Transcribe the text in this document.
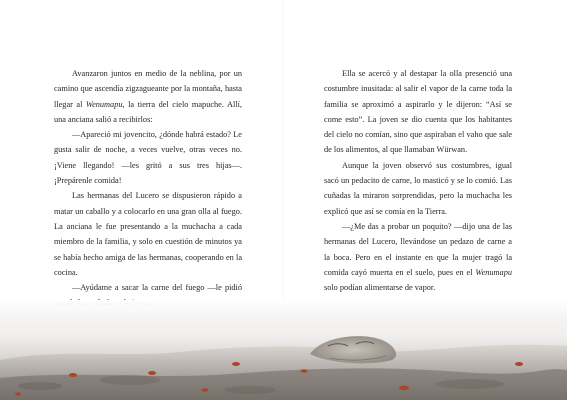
Avanzaron juntos en medio de la neblina, por un camino que ascendía zigzagueante por la montaña, hasta llegar al Wenumapu, la tierra del cielo mapuche. Allí, una anciana salió a recibirlos:

—Apareció mi jovencito, ¿dónde habrá estado? Le gusta salir de noche, a veces vuelve, otras veces no. ¡Viene llegando! —les gritó a sus tres hijas—. ¡Prepárenle comida!

Las hermanas del Lucero se dispusieron rápido a matar un caballo y a colocarlo en una gran olla al fuego. La anciana le fue presentando a la muchacha a cada miembro de la familia, y solo en cuestión de minutos ya se había hecho amiga de las hermanas, cooperando en la cocina.

—Ayúdame a sacar la carne del fuego —le pidió

Ella se acercó y al destapar la olla presenció una costumbre inusitada: al salir el vapor de la carne toda la familia se aproximó a aspirarlo y le dijeron: “Así se come esto”. La joven se dio cuenta que los habitantes del cielo no comían, sino que aspiraban el vaho que sale de los alimentos, al que llamaban Würwan.

Aunque la joven observó sus costumbres, igual sacó un pedacito de carne, lo masticó y se lo comió. Las cuñadas la miraron sorprendidas, pero la muchacha les explicó que así se comía en la Tierra.

—¿Me das a probar un poquito? —dijo una de las hermanas del Lucero, llevándose un pedazo de carne a la boca. Pero en el instante en que la mujer tragó la comida cayó muerta en el suelo, pues en el Wenumapu solo podían alimentarse de vapor.
